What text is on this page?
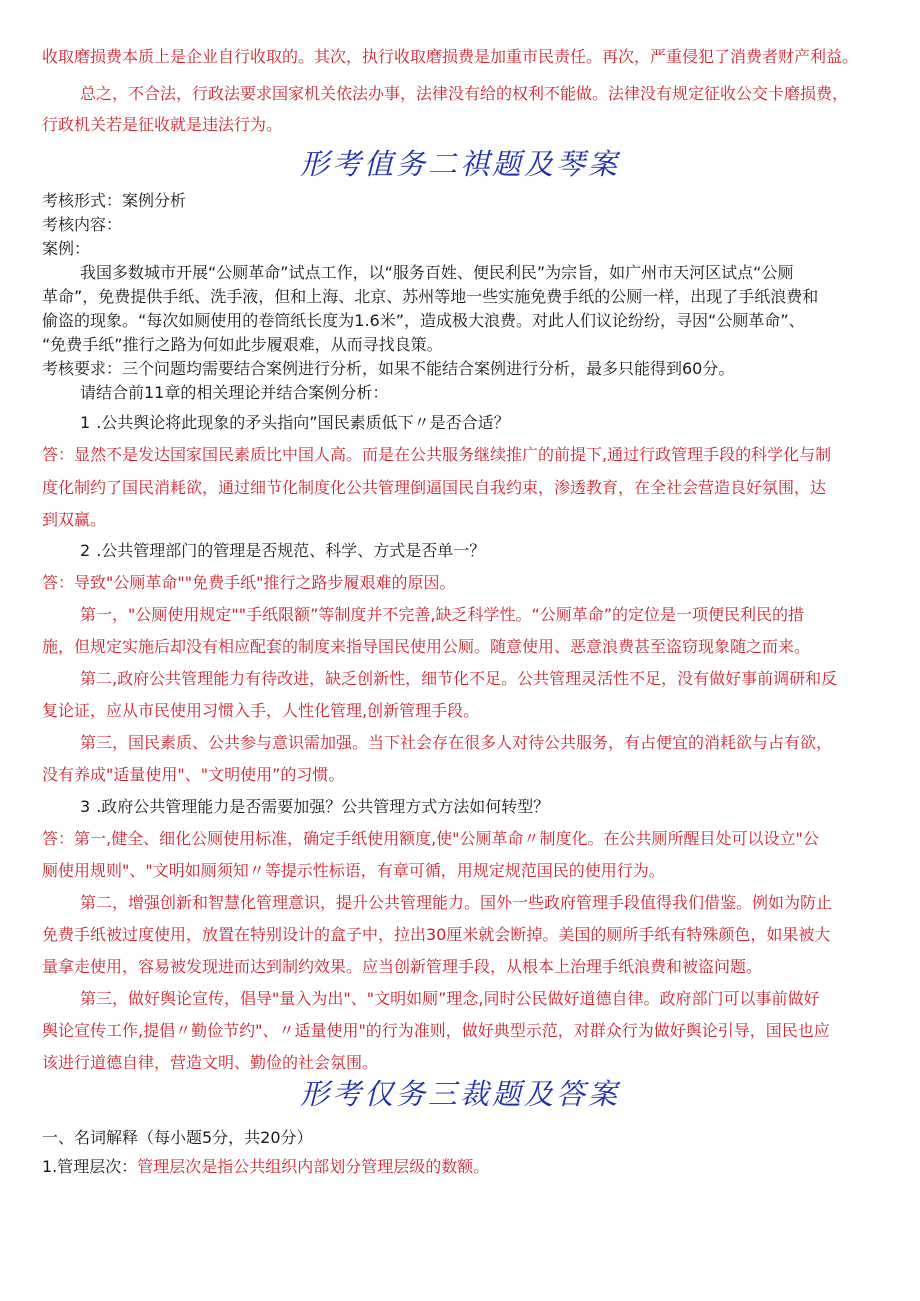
收取磨损费本质上是企业自行收取的。其次，执行收取磨损费是加重市民责任。再次，严重侵犯了消费者财产利益。
总之，不合法，行政法要求国家机关依法办事，法律没有给的权利不能做。法律没有规定征收公交卡磨损费，
行政机关若是征收就是违法行为。
形考值务二祺题及琴案
考核形式：案例分析
考核内容：
案例：
我国多数城市开展“公厕革命”试点工作，以“服务百姓、便民利民”为宗旨，如广州市天河区试点“公厕
革命”，免费提供手纸、洗手液，但和上海、北京、苏州等地一些实施免费手纸的公厕一样，出现了手纸浪费和
偷盗的现象。“每次如厕使用的卷筒纸长度为1.6米”，造成极大浪费。对此人们议论纷纷，寻因“公厕革命”、
“免费手纸”推行之路为何如此步履艰难，从而寻找良策。
考核要求：三个问题均需要结合案例进行分析，如果不能结合案例进行分析，最多只能得到60分。
请结合前11章的相关理论并结合案例分析：
1.公共舆论将此现象的矛头指向”国民素质低下〃是否合适？
答：显然不是发达国家国民素质比中国人高。而是在公共服务继续推广的前提下,通过行政管理手段的科学化与制
度化制约了国民消耗欲，通过细节化制度化公共管理倒逼国民自我约束，渗透教育，在全社会营造良好氛围，达
到双赢。
2.公共管理部门的管理是否规范、科学、方式是否单一？
答：导致"公厕革命""免费手纸"推行之路步履艰难的原因。
第一，"公厕使用规定""手纸限额”等制度并不完善,缺乏科学性。“公厕革命”的定位是一项便民利民的措
施，但规定实施后却没有相应配套的制度来指导国民使用公厕。随意使用、恶意浪费甚至盗窃现象随之而来。
第二,政府公共管理能力有待改进，缺乏创新性，细节化不足。公共管理灵活性不足，没有做好事前调研和反
复论证，应从市民使用习惯入手，人性化管理,创新管理手段。
第三，国民素质、公共参与意识需加强。当下社会存在很多人对待公共服务，有占便宜的消耗欲与占有欲，
没有养成"适量使用"、"文明使用”的习惯。
3.政府公共管理能力是否需要加强？公共管理方式方法如何转型？
答：第一,健全、细化公厕使用标准，确定手纸使用额度,使"公厕革命〃制度化。在公共厕所醒目处可以设立"公
厕使用规则"、"文明如厕须知〃等提示性标语，有章可循，用规定规范国民的使用行为。
第二，增强创新和智慧化管理意识，提升公共管理能力。国外一些政府管理手段值得我们借鉴。例如为防止
免费手纸被过度使用，放置在特别设计的盒子中，拉出30厘米就会断掉。美国的厕所手纸有特殊颜色，如果被大
量拿走使用，容易被发现进而达到制约效果。应当创新管理手段，从根本上治理手纸浪费和被盗问题。
第三，做好舆论宣传，倡导"量入为出"、"文明如厕”理念,同时公民做好道德自律。政府部门可以事前做好
舆论宣传工作,提倡〃勤俭节约"、〃适量使用"的行为准则，做好典型示范，对群众行为做好舆论引导，国民也应
该进行道德自律，营造文明、勤俭的社会氛围。
形考仅务三裁题及答案
一、名词解释（每小题5分，共20分）
1.管理层次：管理层次是指公共组织内部划分管理层级的数额。
